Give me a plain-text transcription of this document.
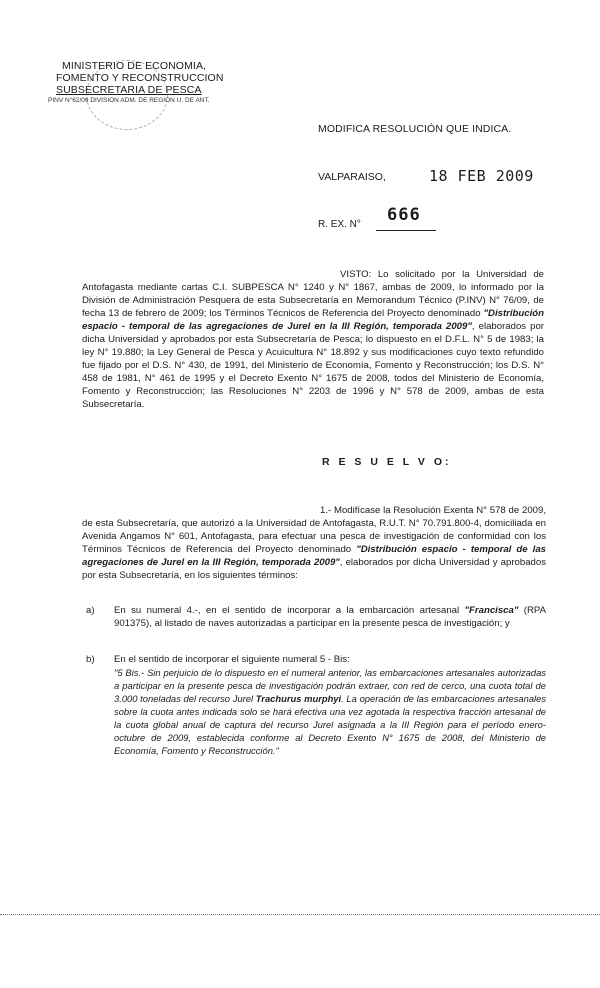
MINISTERIO DE ECONOMIA,
FOMENTO Y RECONSTRUCCION
SUBSECRETARIA DE PESCA
PINV N°62/09 DIVISION ADM. DE REGION U. DE ANT.
MODIFICA RESOLUCIÓN QUE INDICA.
VALPARAISO,	18 FEB 2009
R. EX. N° 666
VISTO: Lo solicitado por la Universidad de Antofagasta mediante cartas C.I. SUBPESCA N° 1240 y N° 1867, ambas de 2009, lo informado por la División de Administración Pesquera de esta Subsecretaría en Memorandum Técnico (P.INV) N° 76/09, de fecha 13 de febrero de 2009; los Términos Técnicos de Referencia del Proyecto denominado "Distribución espacio - temporal de las agregaciones de Jurel en la III Región, temporada 2009", elaborados por dicha Universidad y aprobados por esta Subsecretaría de Pesca; lo dispuesto en el D.F.L. N° 5 de 1983; la ley N° 19.880; la Ley General de Pesca y Acuicultura N° 18.892 y sus modificaciones cuyo texto refundido fue fijado por el D.S. N° 430, de 1991, del Ministerio de Economía, Fomento y Reconstrucción; los D.S. N° 458 de 1981, N° 461 de 1995 y el Decreto Exento N° 1675 de 2008, todos del Ministerio de Economía, Fomento y Reconstrucción; las Resoluciones N° 2203 de 1996 y N° 578 de 2009, ambas de esta Subsecretaría.
R E S U E L V O:
1.- Modifícase la Resolución Exenta N° 578 de 2009, de esta Subsecretaría, que autorizó a la Universidad de Antofagasta, R.U.T. N° 70.791.800-4, domiciliada en Avenida Angamos N° 601, Antofagasta, para efectuar una pesca de investigación de conformidad con los Términos Técnicos de Referencia del Proyecto denominado "Distribución espacio - temporal de las agregaciones de Jurel en la III Región, temporada 2009", elaborados por dicha Universidad y aprobados por esta Subsecretaría, en los siguientes términos:
a) En su numeral 4.-, en el sentido de incorporar a la embarcación artesanal "Francisca" (RPA 901375), al listado de naves autorizadas a participar en la presente pesca de investigación; y
b) En el sentido de incorporar el siguiente numeral 5 - Bis:
"5 Bis.- Sin perjuicio de lo dispuesto en el numeral anterior, las embarcaciones artesanales autorizadas a participar en la presente pesca de investigación podrán extraer, con red de cerco, una cuota total de 3.000 toneladas del recurso Jurel Trachurus murphyi. La operación de las embarcaciones artesanales sobre la cuota antes indicada solo se hará efectiva una vez agotada la respectiva fracción artesanal de la cuota global anual de captura del recurso Jurel asignada a la III Región para el período enero-octubre de 2009, establecida conforme al Decreto Exento N° 1675 de 2008, del Ministerio de Economía, Fomento y Reconstrucción."
